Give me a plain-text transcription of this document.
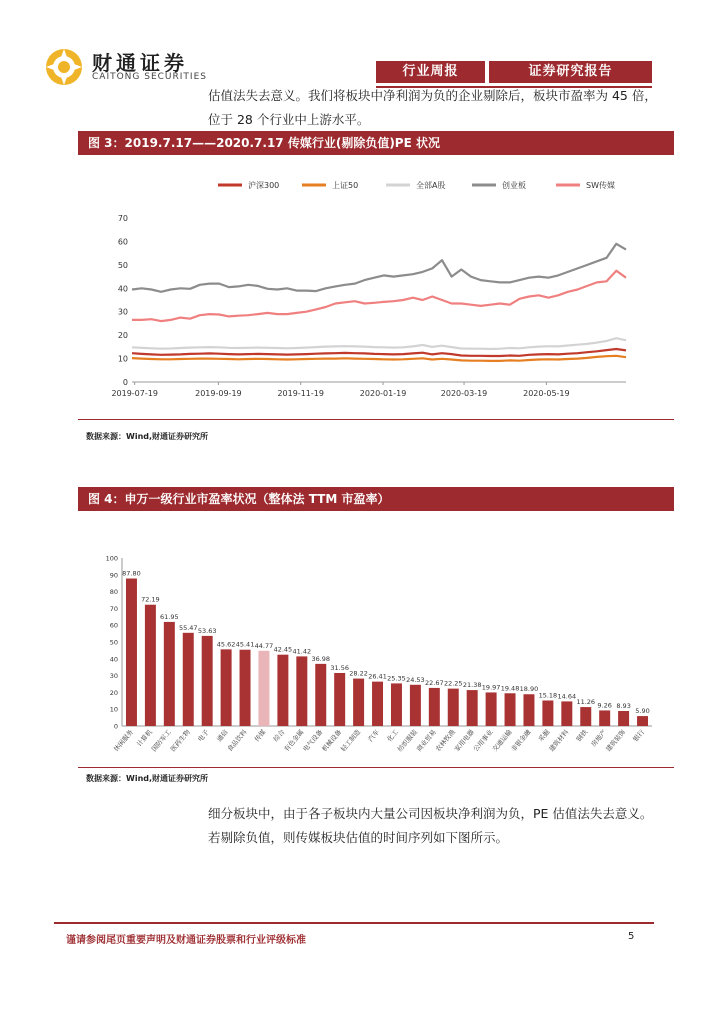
财通证券
CAITONG SECURITIES	行业周报	证券研究报告
估值法失去意义。我们将板块中净利润为负的企业剔除后，板块市盈率为 45 倍，
位于 28 个行业中上游水平。
图 3：2019.7.17——2020.7.17 传媒行业(剔除负值)PE 状况
沪深300	上证50	全部A股	创业板	SW传媒
0
10
20
30
40
50
60
70
2019-07-19	2019-09-19	2019-11-19	2020-01-19	2020-03-19	2020-05-19
数据来源：Wind,财通证券研究所
图 4：申万一级行业市盈率状况（整体法 TTM 市盈率）
0
10
20
30
40
50
60
70
80
90
100
87.80
休闲服务
72.19
计算机
61.95
国防军工
55.47
医药生物
53.63
电子
45.62
通信
45.41
食品饮料
44.77
传媒
42.45
综合
41.42
有色金属
36.98
电气设备
31.56
机械设备
28.22
轻工制造
26.41
汽车
25.35
化工
24.53
纺织服装
22.67
商业贸易
22.25
农林牧渔
21.38
家用电器
19.97
公用事业
19.48
交通运输
18.90
非银金融
15.18
采掘
14.64
建筑材料
11.26
钢铁
9.26
房地产
8.93
建筑装饰
5.90
银行
数据来源：Wind,财通证券研究所
细分板块中，由于各子板块内大量公司因板块净利润为负，PE 估值法失去意义。
若剔除负值，则传媒板块估值的时间序列如下图所示。
谨请参阅尾页重要声明及财通证券股票和行业评级标准	5
